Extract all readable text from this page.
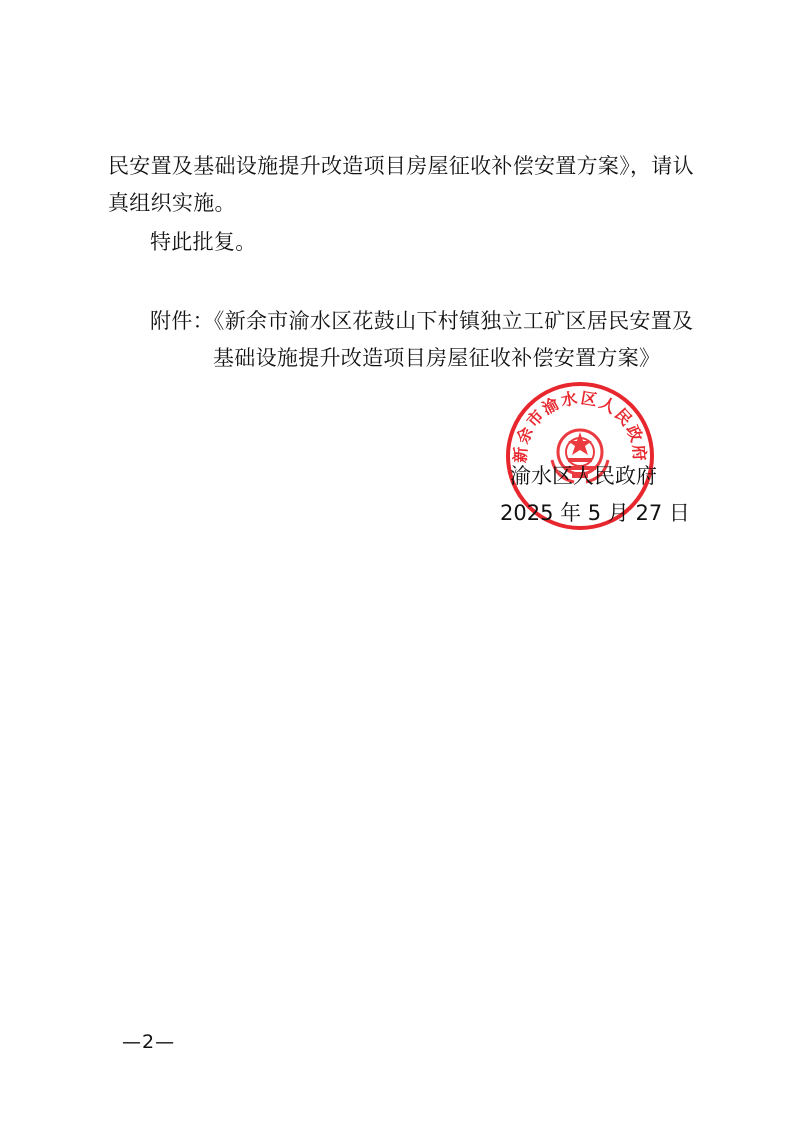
民安置及基础设施提升改造项目房屋征收补偿安置方案》，请认
真组织实施。
特此批复。
附件：《新余市渝水区花鼓山下村镇独立工矿区居民安置及
基础设施提升改造项目房屋征收补偿安置方案》
新余市渝水区人民政府
渝水区人民政府
2025 年 5 月 27 日
—2—
